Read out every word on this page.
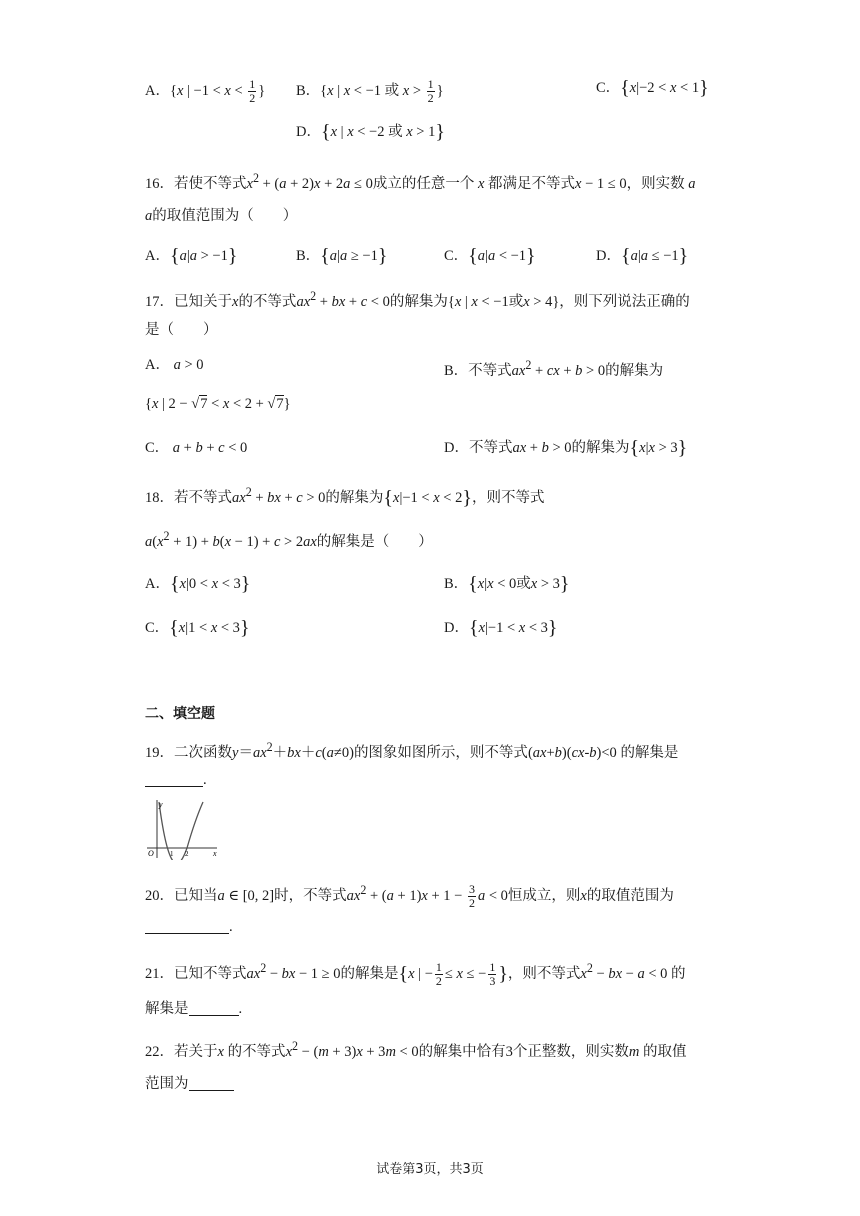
A．{x | $-1 < x < \frac{1}{2}$ } B．{x | x < −1 或 $x > \frac{1}{2}$ }	C．{x|−2 < x < 1}
D．{x | x < −2 或 x > 1}
16．若使不等式$x^2 + (a + 2)x + 2a \le 0$成立的任意一个 x 都满足不等式x − 1 ≤ 0，则实数 a
a的取值范围为（　　）
A．{a|a > −1}	B．{a|a ≥ −1}	C．{a|a < −1}	D．{a|a ≤ −1}
17．已知关于x的不等式$ax^2$ + bx + c < 0的解集为{x | x < −1或x > 4}，则下列说法正确的
是（　　）
A． a > 0	B．不等式$ax^2$ + cx + b > 0的解集为
{x | 2 − √7 < x < 2 + √7}
C． a + b + c < 0	D．不等式ax + b > 0的解集为{x|x > 3}
18．若不等式$ax^2$ + bx + c > 0的解集为{x|−1 < x < 2}，则不等式
$a(x^2 + 1) + b(x - 1) + c > 2ax$的解集是（　　）
A．{x|0 < x < 3}	B．{x|x < 0或x > 3}
C．{x|1 < x < 3}	D．{x|−1 < x < 3}
二、填空题
19．二次函数$y=ax^2+bx+c(a\ne 0)$的图象如图所示，则不等式(ax+b)(cx-b)<0 的解集是
.
y
O 1 2	x
20．已知当a ∈ [0, 2]时，不等式$ax^2 + (a + 1)x + 1 - \frac{3}{2}$ a < 0恒成立，则x的取值范围为
.
21．已知不等式$ax^2$ − bx − 1 ≥ 0的解集是{x | − $\frac{1}{2} \le x$ ≤ − $\frac{1}{3}$ }，则不等式$x^2$ − bx − a < 0 的
解集是	.
22．若关于x 的不等式$x^2 - (m + 3)x + 3m < 0$的解集中恰有3个正整数，则实数m 的取值
范围为
试卷第3页，共3页
